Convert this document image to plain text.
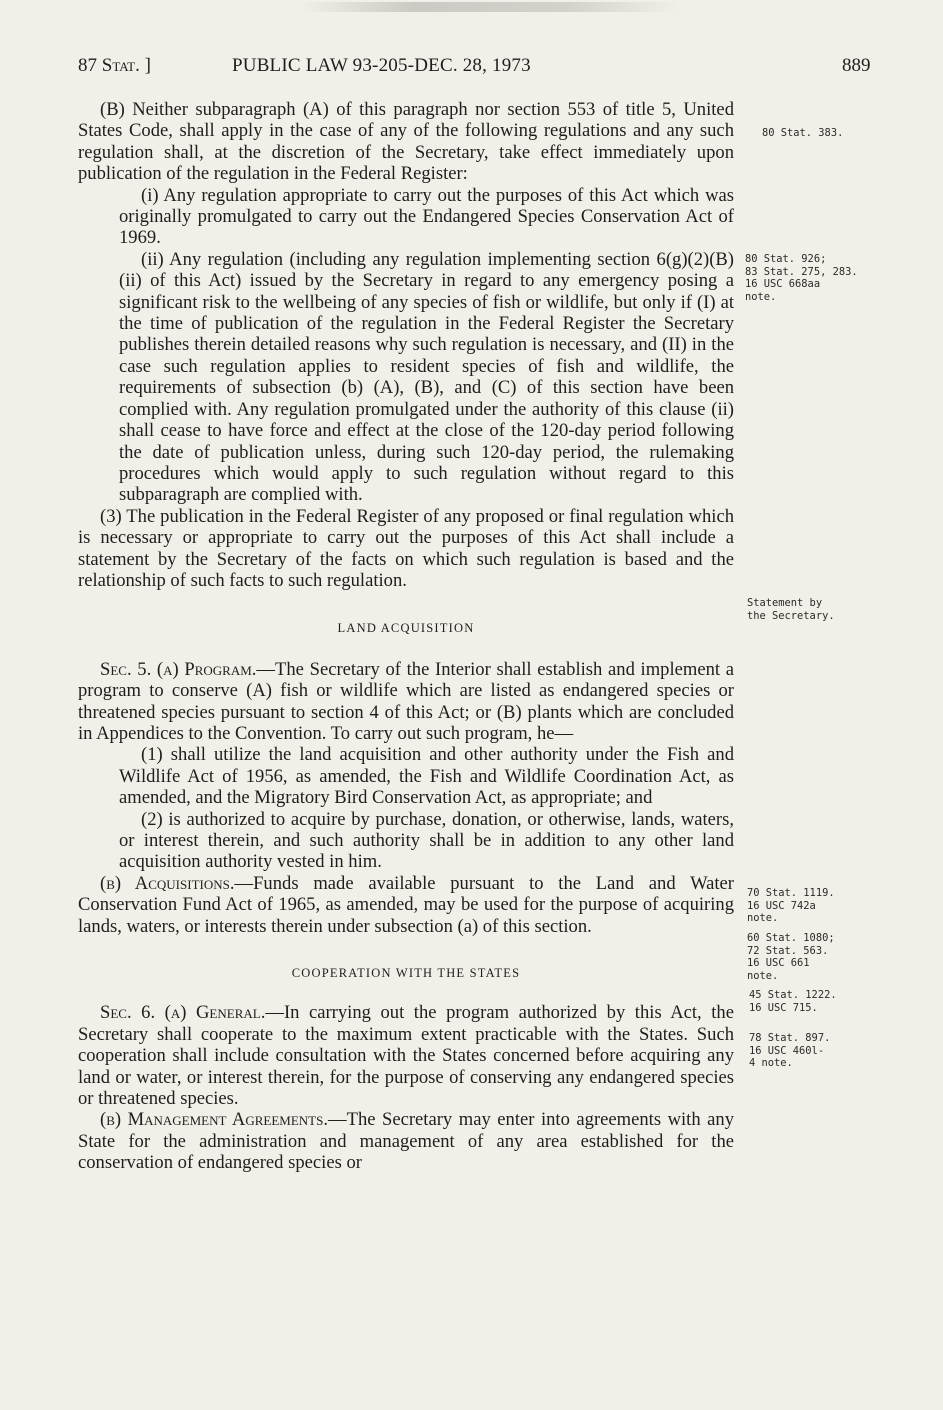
87 Stat. ]	PUBLIC LAW 93-205-DEC. 28, 1973	889

(B) Neither subparagraph (A) of this paragraph nor section 553 of title 5, United States Code, shall apply in the case of any of the following regulations and any such regulation shall, at the discretion of the Secretary, take effect immediately upon publication of the regulation in the Federal Register:

(i) Any regulation appropriate to carry out the purposes of this Act which was originally promulgated to carry out the Endangered Species Conservation Act of 1969.

(ii) Any regulation (including any regulation implementing section 6(g)(2)(B)(ii) of this Act) issued by the Secretary in regard to any emergency posing a significant risk to the wellbeing of any species of fish or wildlife, but only if (I) at the time of publication of the regulation in the Federal Register the Secretary publishes therein detailed reasons why such regulation is necessary, and (II) in the case such regulation applies to resident species of fish and wildlife, the requirements of subsection (b) (A), (B), and (C) of this section have been complied with. Any regulation promulgated under the authority of this clause (ii) shall cease to have force and effect at the close of the 120-day period following the date of publication unless, during such 120-day period, the rulemaking procedures which would apply to such regulation without regard to this subparagraph are complied with.

(3) The publication in the Federal Register of any proposed or final regulation which is necessary or appropriate to carry out the purposes of this Act shall include a statement by the Secretary of the facts on which such regulation is based and the relationship of such facts to such regulation.

LAND ACQUISITION

Sec. 5. (a) Program.—The Secretary of the Interior shall establish and implement a program to conserve (A) fish or wildlife which are listed as endangered species or threatened species pursuant to section 4 of this Act; or (B) plants which are concluded in Appendices to the Convention. To carry out such program, he—

(1) shall utilize the land acquisition and other authority under the Fish and Wildlife Act of 1956, as amended, the Fish and Wildlife Coordination Act, as amended, and the Migratory Bird Conservation Act, as appropriate; and

(2) is authorized to acquire by purchase, donation, or otherwise, lands, waters, or interest therein, and such authority shall be in addition to any other land acquisition authority vested in him.

(b) Acquisitions.—Funds made available pursuant to the Land and Water Conservation Fund Act of 1965, as amended, may be used for the purpose of acquiring lands, waters, or interests therein under subsection (a) of this section.

COOPERATION WITH THE STATES

Sec. 6. (a) General.—In carrying out the program authorized by this Act, the Secretary shall cooperate to the maximum extent practicable with the States. Such cooperation shall include consultation with the States concerned before acquiring any land or water, or interest therein, for the purpose of conserving any endangered species or threatened species.

(b) Management Agreements.—The Secretary may enter into agreements with any State for the administration and management of any area established for the conservation of endangered species or

80 Stat. 383.
80 Stat. 926;
83 Stat. 275, 283.
16 USC 668aa
note.
Statement by
the Secretary.
70 Stat. 1119.
16 USC 742a
note.
60 Stat. 1080;
72 Stat. 563.
16 USC 661
note.
45 Stat. 1222.
16 USC 715.
78 Stat. 897.
16 USC 460l-
4 note.
